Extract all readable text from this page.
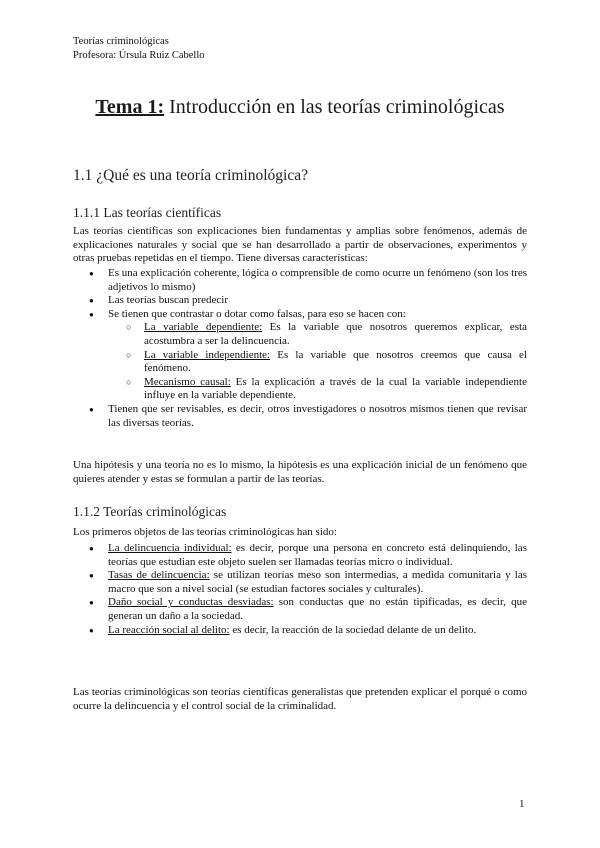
Teorías criminológicas
Profesora: Úrsula Ruiz Cabello
Tema 1: Introducción en las teorías criminológicas
1.1 ¿Qué es una teoría criminológica?
1.1.1 Las teorías científicas

Las teorías científicas son explicaciones bien fundamentas y amplias sobre fenómenos, además de explicaciones naturales y social que se han desarrollado a partir de observaciones, experimentos y otras pruebas repetidas en el tiempo. Tiene diversas características:

● Es una explicación coherente, lógica o comprensible de como ocurre un fenómeno (son los tres adjetivos lo mismo)
● Las teorías buscan predecir
● Se tienen que contrastar o dotar como falsas, para eso se hacen con:
○ La variable dependiente: Es la variable que nosotros queremos explicar, esta acostumbra a ser la delincuencia.
○ La variable independiente: Es la variable que nosotros creemos que causa el fenómeno.
○ Mecanismo causal: Es la explicación a través de la cual la variable independiente influye en la variable dependiente.
● Tienen que ser revisables, es decir, otros investigadores o nosotros mismos tienen que revisar las diversas teorías.

Una hipótesis y una teoría no es lo mismo, la hipótesis es una explicación inicial de un fenómeno que quieres atender y estas se formulan a partir de las teorías.

1.1.2 Teorías criminológicas

Los primeros objetos de las teorías criminológicas han sido:

● La delincuencia individual: es decir, porque una persona en concreto está delinquiendo, las teorías que estudian este objeto suelen ser llamadas teorías micro o individual.
● Tasas de delincuencia: se utilizan teorías meso son intermedias, a medida comunitaria y las macro que son a nivel social (se estudian factores sociales y culturales).
● Daño social y conductas desviadas: son conductas que no están tipificadas, es decir, que generan un daño a la sociedad.
● La reacción social al delito: es decir, la reacción de la sociedad delante de un delito.

Las teorías criminológicas son teorías científicas generalistas que pretenden explicar el porqué o como ocurre la delincuencia y el control social de la criminalidad.

1
